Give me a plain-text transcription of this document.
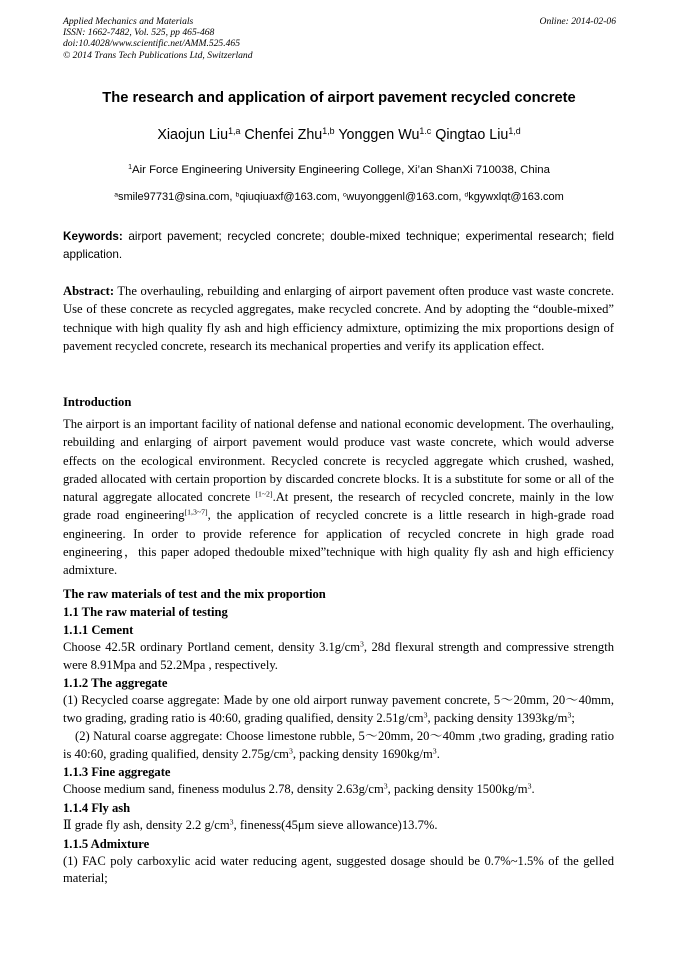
Applied Mechanics and Materials
ISSN: 1662-7482, Vol. 525, pp 465-468
doi:10.4028/www.scientific.net/AMM.525.465
© 2014 Trans Tech Publications Ltd, Switzerland
Online: 2014-02-06
The research and application of airport pavement recycled concrete
Xiaojun Liu$^{1,a}$ Chenfei Zhu$^{1,b}$ Yonggen $Wu^{1.c}$ Qingtao Liu$^{1,d}$
$^1$Air Force Engineering University Engineering College, Xi’an ShanXi 710038, China
$^a$smile97731@sina.com, $^b$qiuqiuaxf@163.com, $^c$wuyonggenl@163.com, $^d$kgywxlqt@163.com
Keywords: airport pavement; recycled concrete; double-mixed technique; experimental research; field application.
Abstract: The overhauling, rebuilding and enlarging of airport pavement often produce vast waste concrete. Use of these concrete as recycled aggregates, make recycled concrete. And by adopting the “double-mixed” technique with high quality fly ash and high efficiency admixture, optimizing the mix proportions design of pavement recycled concrete, research its mechanical properties and verify its application effect.
Introduction

The airport is an important facility of national defense and national economic development. The overhauling, rebuilding and enlarging of airport pavement would produce vast waste concrete, which would adverse effects on the ecological environment. Recycled concrete is recycled aggregate which crushed, washed, graded allocated with certain proportion by discarded concrete blocks. It is a substitute for some or all of the natural aggregate allocated concrete [1~2].At present, the research of recycled concrete, mainly in the low grade road engineering[1,3~7], the application of recycled concrete is a little research in high-grade road engineering. In order to provide reference for application of recycled concrete in high grade road engineering，this paper adoped thedouble mixed”technique with high quality fly ash and high efficiency admixture.

The raw materials of test and the mix proportion
1.1 The raw material of testing
1.1.1 Cement
Choose 42.5R ordinary Portland cement, density $3.1g/cm^3$, 28d flexural strength and compressive strength were 8.91Mpa and 52.2Mpa , respectively.
1.1.2 The aggregate
(1) Recycled coarse aggregate: Made by one old airport runway pavement concrete, 5～20mm, 20～40mm, two grading, grading ratio is 40:60, grading qualified, density $2.51g/cm^3$, packing density $1393kg/m^3$;
(2) Natural coarse aggregate: Choose limestone rubble, 5～20mm, 20～40mm ,two grading, grading ratio is 40:60, grading qualified, density $2.75g/cm^3$, packing density $1690kg/m^3$.
1.1.3 Fine aggregate
Choose medium sand, fineness modulus 2.78, density $2.63g/cm^3$, packing density $1500kg/m^3$.
1.1.4 Fly ash
Ⅱ grade fly ash, density 2.2 $g/cm^3$, fineness(45μm sieve allowance)13.7%.
1.1.5 Admixture
(1) FAC poly carboxylic acid water reducing agent, suggested dosage should be 0.7%~1.5% of the gelled material;
